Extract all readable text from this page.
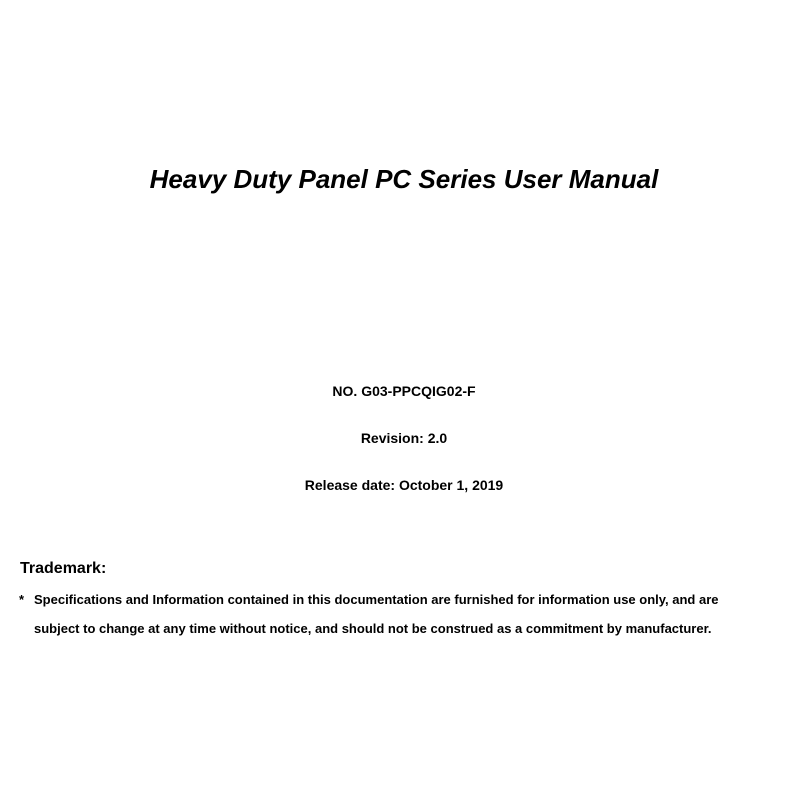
Heavy Duty Panel PC Series User Manual
NO. G03-PPCQIG02-F
Revision: 2.0
Release date: October 1, 2019
Trademark:
* Specifications and Information contained in this documentation are furnished for information use only, and are
subject to change at any time without notice, and should not be construed as a commitment by manufacturer.
